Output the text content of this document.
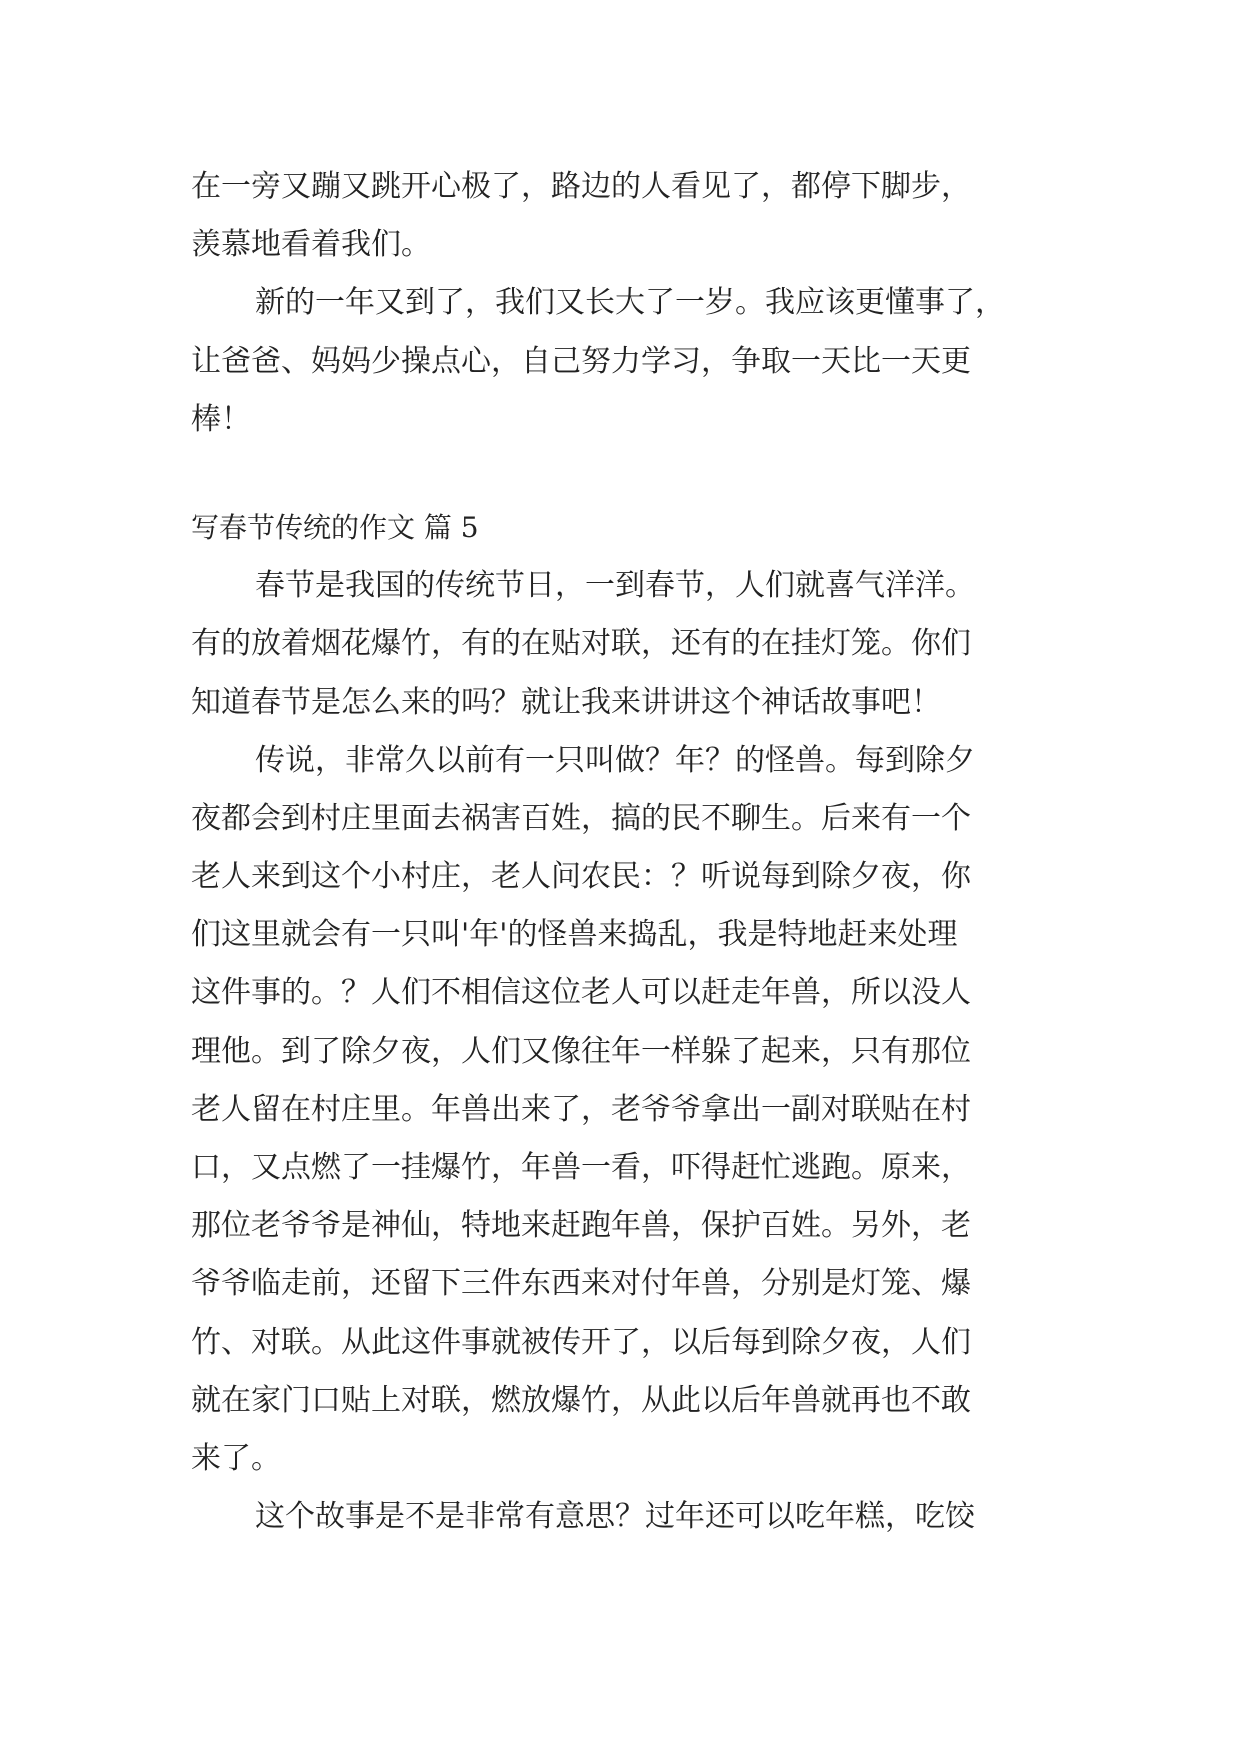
在一旁又蹦又跳开心极了，路边的人看见了，都停下脚步，
羡慕地看着我们。
新的一年又到了，我们又长大了一岁。我应该更懂事了，
让爸爸、妈妈少操点心，自己努力学习，争取一天比一天更
棒！
写春节传统的作文 篇 5
春节是我国的传统节日，一到春节，人们就喜气洋洋。
有的放着烟花爆竹，有的在贴对联，还有的在挂灯笼。你们
知道春节是怎么来的吗？就让我来讲讲这个神话故事吧！
传说，非常久以前有一只叫做？年？的怪兽。每到除夕
夜都会到村庄里面去祸害百姓，搞的民不聊生。后来有一个
老人来到这个小村庄，老人问农民：？听说每到除夕夜，你
们这里就会有一只叫'年'的怪兽来捣乱，我是特地赶来处理
这件事的。？人们不相信这位老人可以赶走年兽，所以没人
理他。到了除夕夜，人们又像往年一样躲了起来，只有那位
老人留在村庄里。年兽出来了，老爷爷拿出一副对联贴在村
口，又点燃了一挂爆竹，年兽一看，吓得赶忙逃跑。原来，
那位老爷爷是神仙，特地来赶跑年兽，保护百姓。另外，老
爷爷临走前，还留下三件东西来对付年兽，分别是灯笼、爆
竹、对联。从此这件事就被传开了，以后每到除夕夜，人们
就在家门口贴上对联，燃放爆竹，从此以后年兽就再也不敢
来了。
这个故事是不是非常有意思？过年还可以吃年糕，吃饺
